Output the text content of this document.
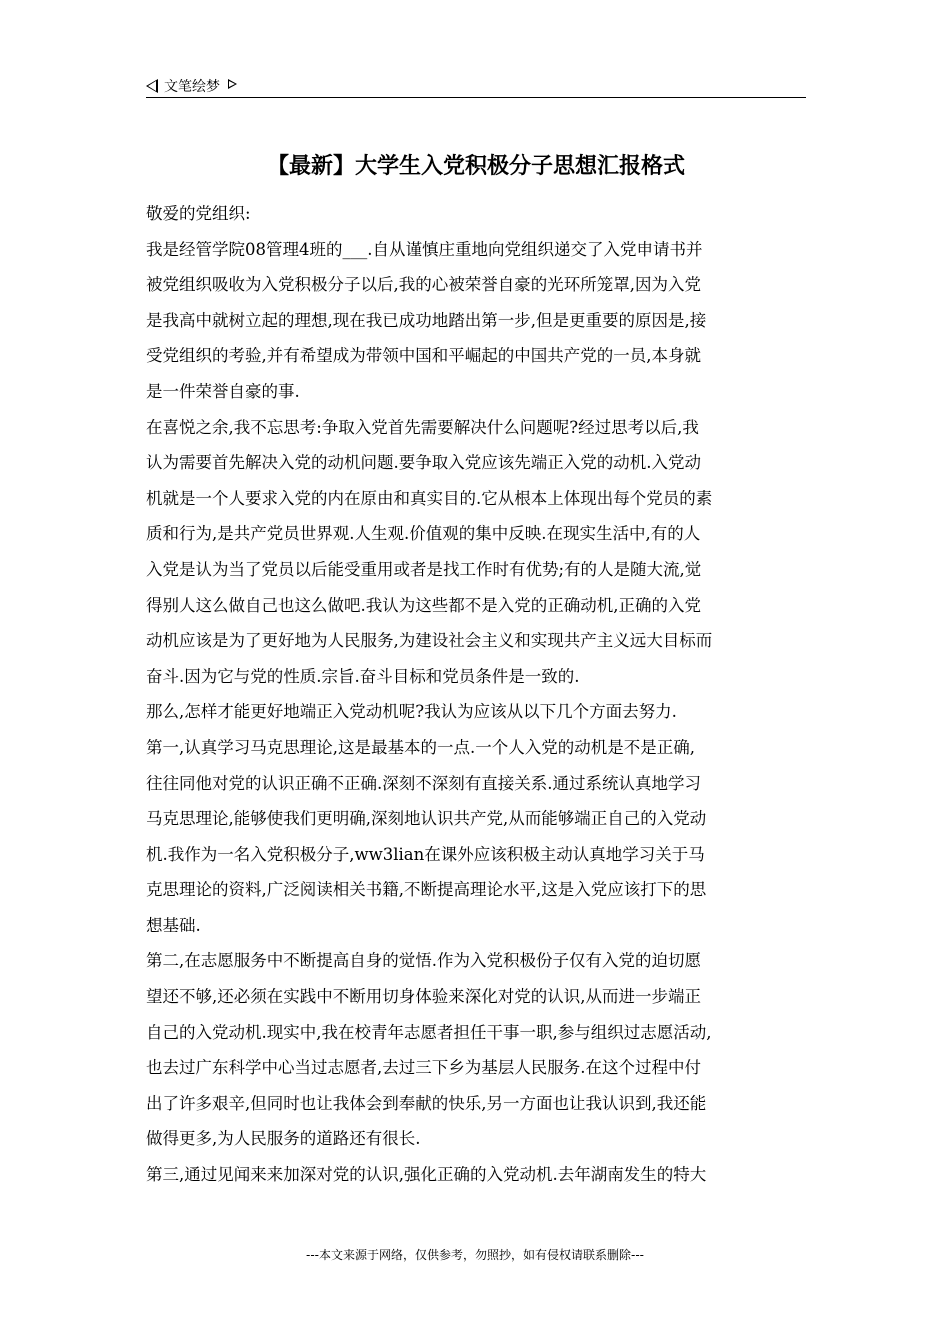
文笔绘梦
【最新】大学生入党积极分子思想汇报格式

敬爱的党组织:

我是经管学院08管理4班的___.自从谨慎庄重地向党组织递交了入党申请书并

被党组织吸收为入党积极分子以后,我的心被荣誉自豪的光环所笼罩,因为入党

是我高中就树立起的理想,现在我已成功地踏出第一步,但是更重要的原因是,接

受党组织的考验,并有希望成为带领中国和平崛起的中国共产党的一员,本身就

是一件荣誉自豪的事.

在喜悦之余,我不忘思考:争取入党首先需要解决什么问题呢?经过思考以后,我

认为需要首先解决入党的动机问题.要争取入党应该先端正入党的动机.入党动

机就是一个人要求入党的内在原由和真实目的.它从根本上体现出每个党员的素

质和行为,是共产党员世界观.人生观.价值观的集中反映.在现实生活中,有的人

入党是认为当了党员以后能受重用或者是找工作时有优势;有的人是随大流,觉

得别人这么做自己也这么做吧.我认为这些都不是入党的正确动机,正确的入党

动机应该是为了更好地为人民服务,为建设社会主义和实现共产主义远大目标而

奋斗.因为它与党的性质.宗旨.奋斗目标和党员条件是一致的.

那么,怎样才能更好地端正入党动机呢?我认为应该从以下几个方面去努力.

第一,认真学习马克思理论,这是最基本的一点.一个人入党的动机是不是正确,

往往同他对党的认识正确不正确.深刻不深刻有直接关系.通过系统认真地学习

马克思理论,能够使我们更明确,深刻地认识共产党,从而能够端正自己的入党动

机.我作为一名入党积极分子,ww3lian在课外应该积极主动认真地学习关于马

克思理论的资料,广泛阅读相关书籍,不断提高理论水平,这是入党应该打下的思

想基础.

第二,在志愿服务中不断提高自身的觉悟.作为入党积极份子仅有入党的迫切愿

望还不够,还必须在实践中不断用切身体验来深化对党的认识,从而进一步端正

自己的入党动机.现实中,我在校青年志愿者担任干事一职,参与组织过志愿活动,

也去过广东科学中心当过志愿者,去过三下乡为基层人民服务.在这个过程中付

出了许多艰辛,但同时也让我体会到奉献的快乐,另一方面也让我认识到,我还能

做得更多,为人民服务的道路还有很长.

第三,通过见闻来来加深对党的认识,强化正确的入党动机.去年湖南发生的特大

---本文来源于网络，仅供参考，勿照抄，如有侵权请联系删除---
